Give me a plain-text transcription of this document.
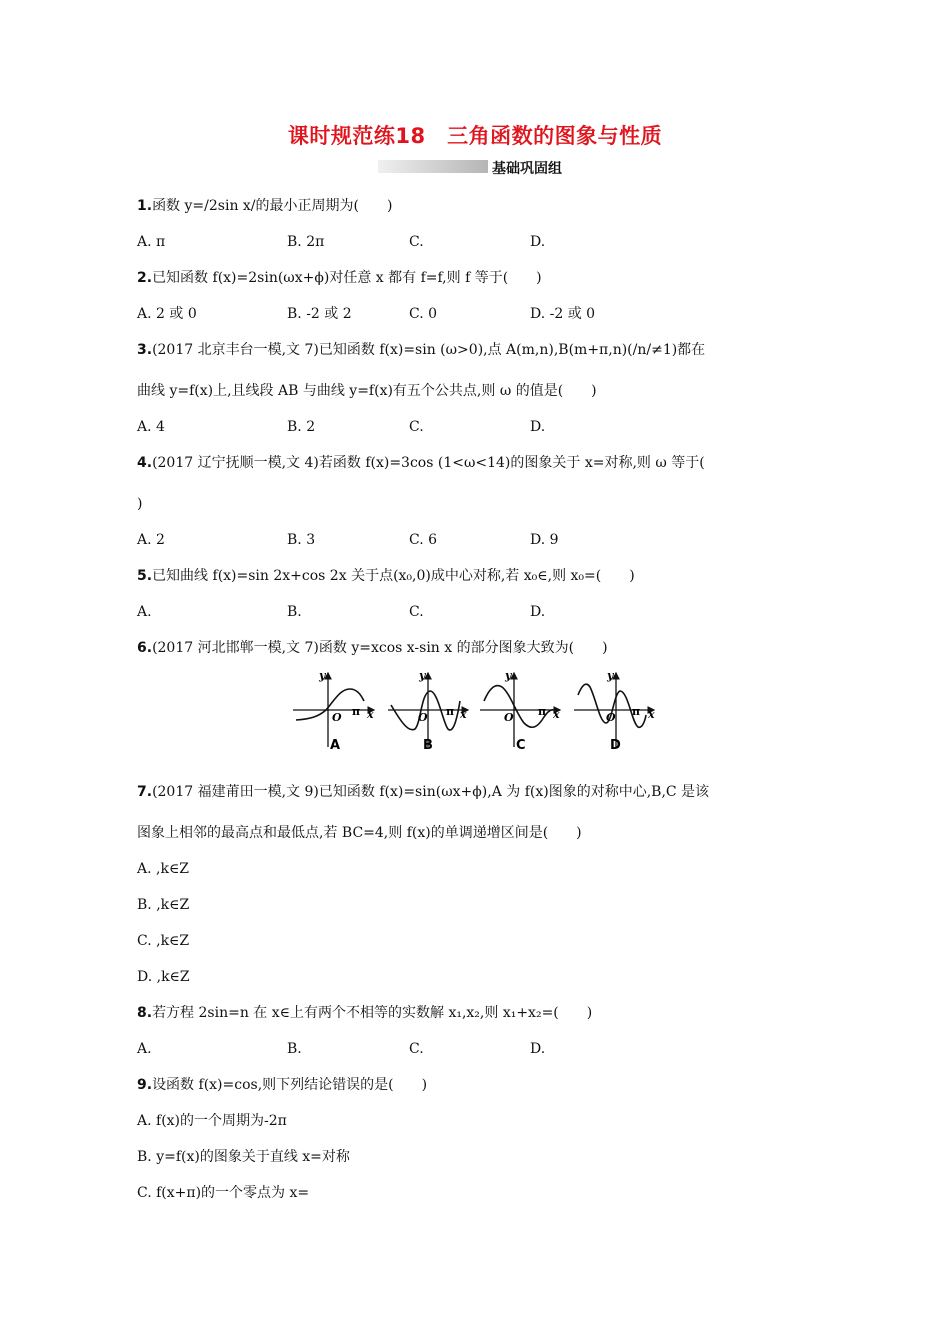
课时规范练18　三角函数的图象与性质
基础巩固组
1.函数 y=/2sin x/的最小正周期为(　　)
A. π	B. 2π	C.	D.
2.已知函数 f(x)=2sin(ωx+ϕ)对任意 x 都有 f=f,则 f 等于(　　)
A. 2 或 0	B. -2 或 2	C. 0	D. -2 或 0
3.(2017 北京丰台一模,文 7)已知函数 f(x)=sin (ω>0),点 A(m,n),B(m+π,n)(/n/≠1)都在
曲线 y=f(x)上,且线段 AB 与曲线 y=f(x)有五个公共点,则 ω 的值是(　　)
A. 4	B. 2	C.	D.
4.(2017 辽宁抚顺一模,文 4)若函数 f(x)=3cos (1<ω<14)的图象关于 x=对称,则 ω 等于(
)
A. 2	B. 3	C. 6	D. 9
5.已知曲线 f(x)=sin 2x+cos 2x 关于点(x₀,0)成中心对称,若 x₀∈,则 x₀=(　　)
A.	B.	C.	D.
6.(2017 河北邯郸一模,文 7)函数 y=xcos x-sin x 的部分图象大致为(　　)
y
x
O π
A
y
x
O π
B
y
x
O π
C
y
x
O π
D
7.(2017 福建莆田一模,文 9)已知函数 f(x)=sin(ωx+ϕ),A 为 f(x)图象的对称中心,B,C 是该
图象上相邻的最高点和最低点,若 BC=4,则 f(x)的单调递增区间是(　　)
A. ,k∈Z
B. ,k∈Z
C. ,k∈Z
D. ,k∈Z
8.若方程 2sin=n 在 x∈上有两个不相等的实数解 x₁,x₂,则 x₁+x₂=(　　)
A.	B.	C.	D.
9.设函数 f(x)=cos,则下列结论错误的是(　　)
A. f(x)的一个周期为-2π
B. y=f(x)的图象关于直线 x=对称
C. f(x+π)的一个零点为 x=
